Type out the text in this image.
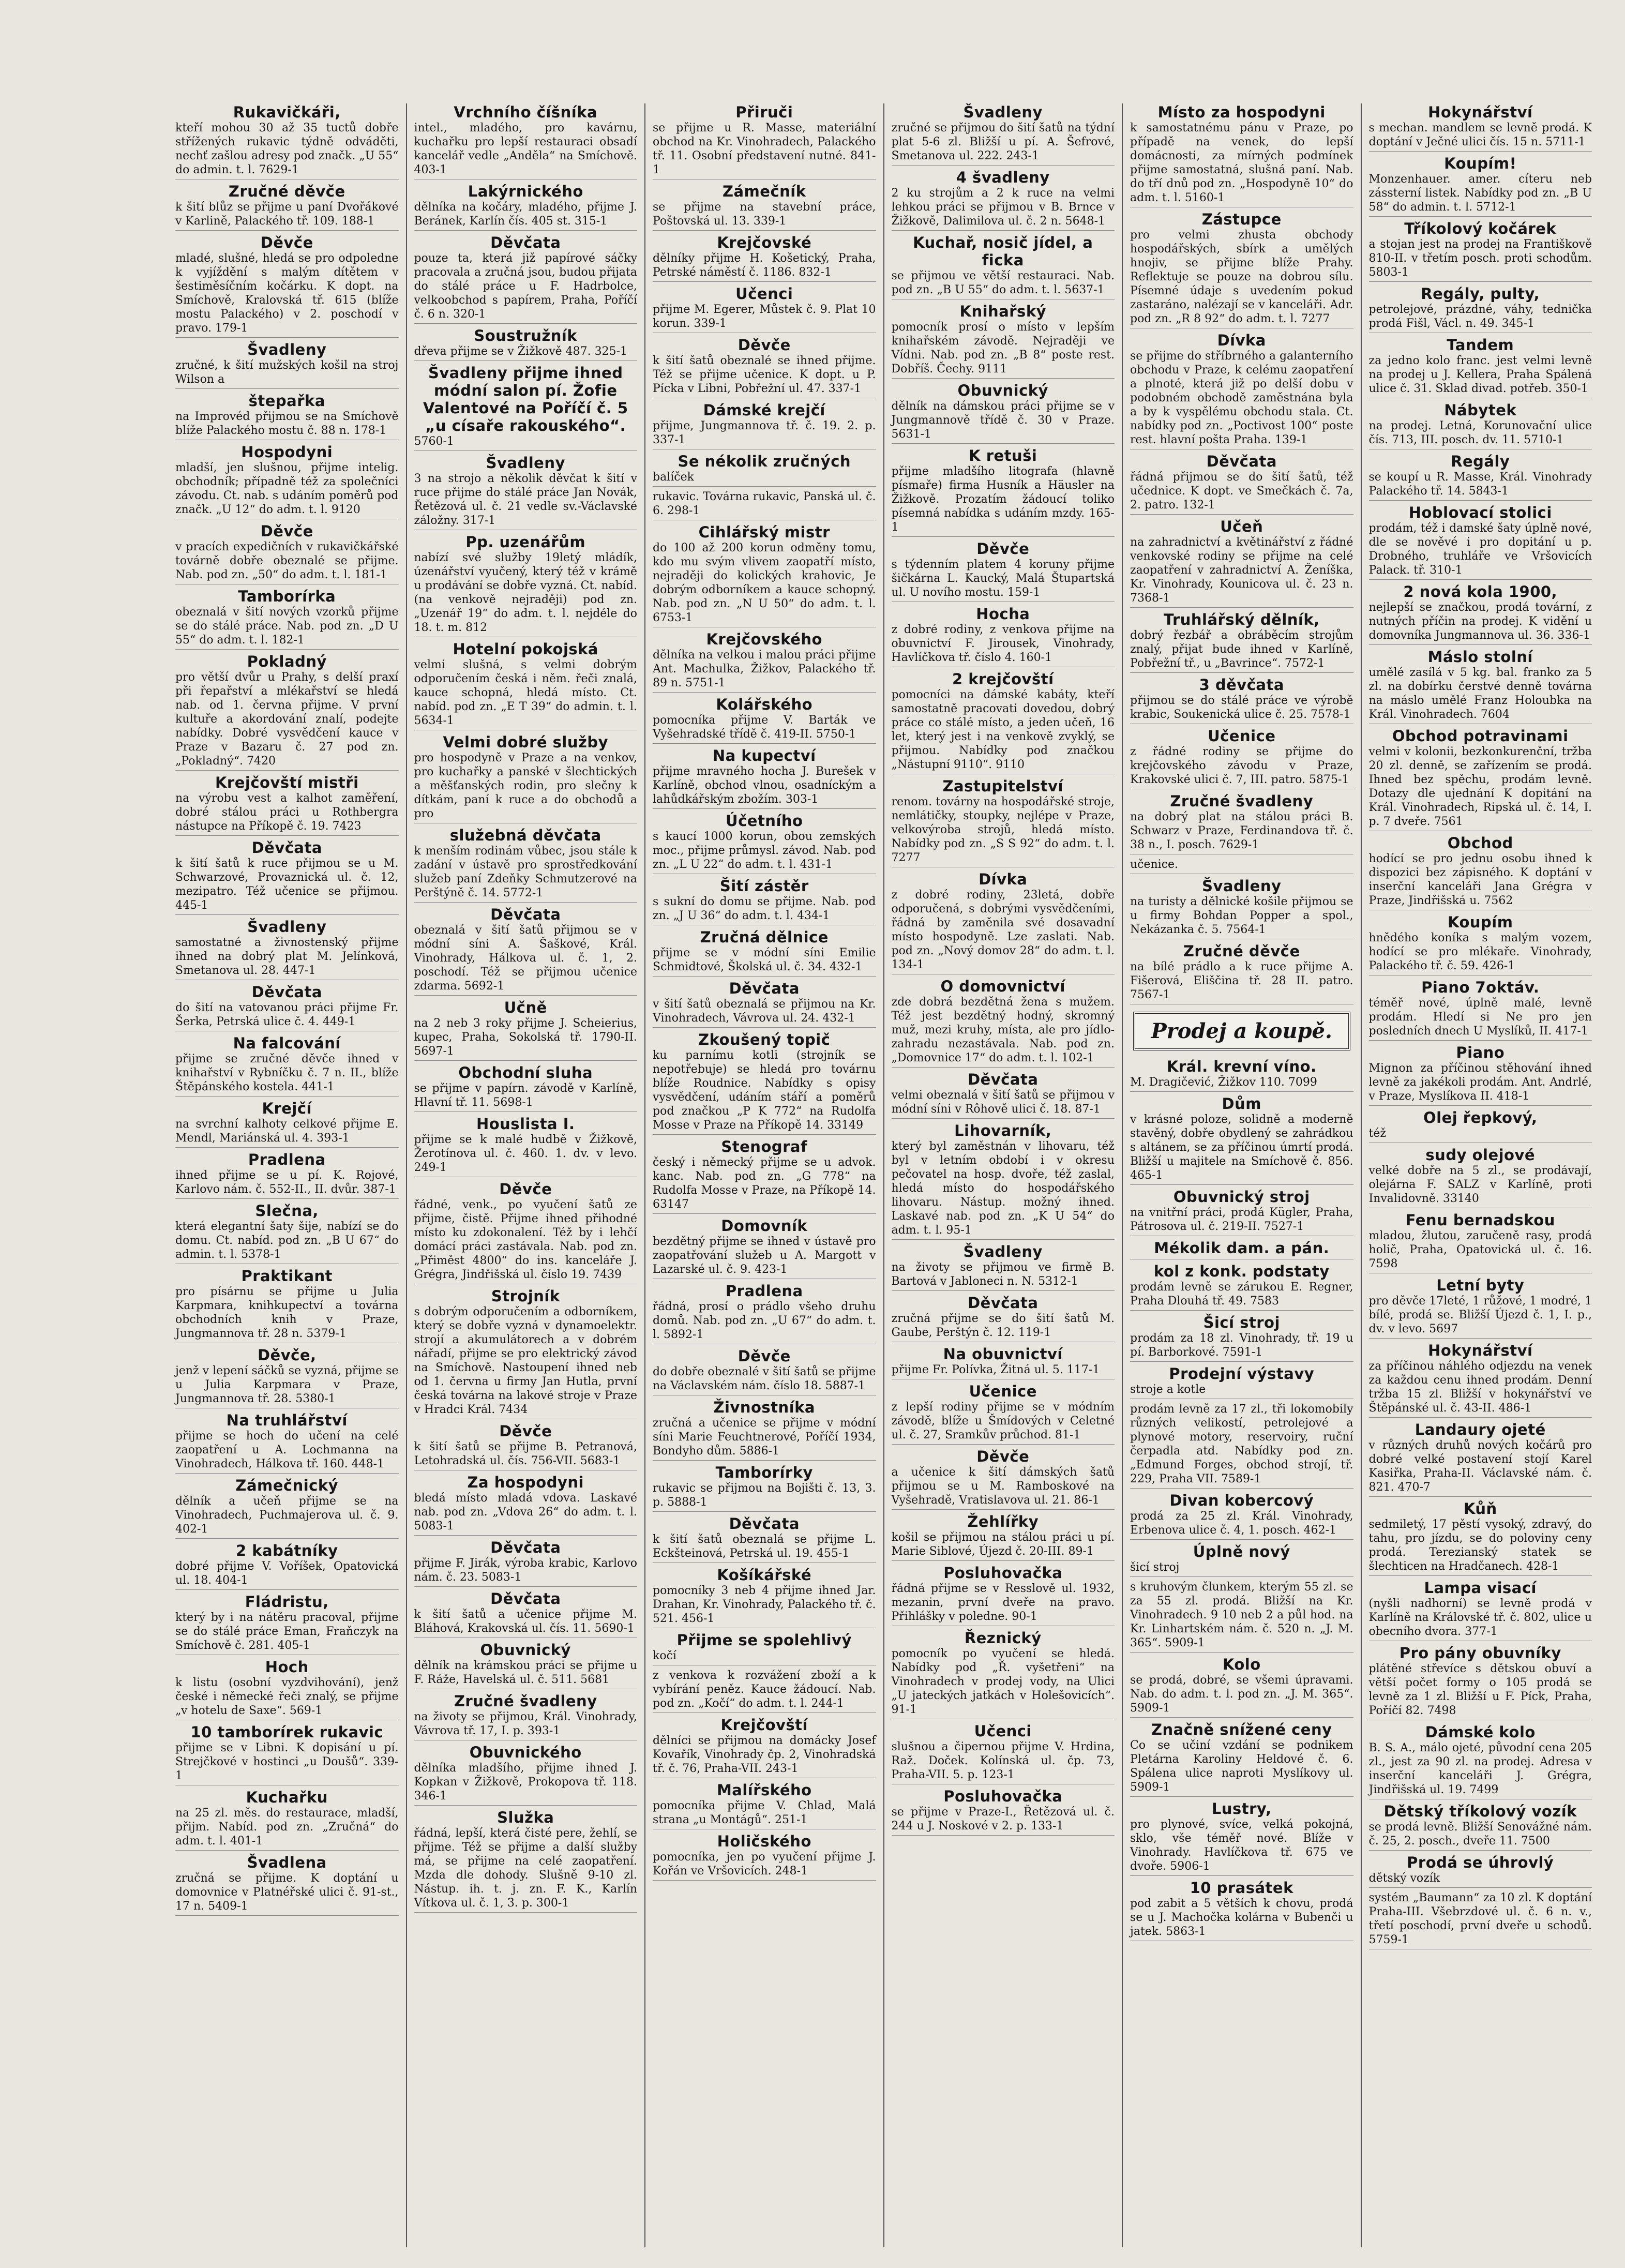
Rukavičkáři,

kteří mohou 30 až 35 tuctů dobře střížených rukavic týdně odváděti, nechť zašlou adresy pod značk. „U 55“ do admin. t. l. 7629-1

Zručné děvče

k šití blůz se přijme u paní Dvořákové v Karlině, Palackého tř. 109. 188-1

Děvče

mladé, slušné, hledá se pro odpoledne k vyjíždění s malým dítětem v šestiměsíčním kočárku. K dopt. na Smíchově, Kralovská tř. 615 (blíže mostu Palackého) v 2. poschodí v pravo. 179-1

Švadleny

zručné, k šití mužských košil na stroj Wilson a

štepařka

na Improvéd přijmou se na Smíchově blíže Palackého mostu č. 88 n. 178-1

Hospodyni

mladší, jen slušnou, přijme intelig. obchodník; případně též za společníci závodu. Ct. nab. s udáním poměrů pod značk. „U 12“ do adm. t. l. 9120

Děvče

v pracích expedičních v rukavičkářské továrně dobře obeznalé se přijme. Nab. pod zn. „50“ do adm. t. l. 181-1

Tamborírka

obeznalá v šití nových vzorků přijme se do stálé práce. Nab. pod zn. „D U 55“ do adm. t. l. 182-1

Pokladný

pro větší dvůr u Prahy, s delší praxí při řepařství a mlékařství se hledá nab. od 1. června přijme. V první kultuře a akordování znalí, podejte nabídky. Dobré vysvědčení kauce v Praze v Bazaru č. 27 pod zn. „Pokladný“. 7420

Krejčovští mistři

na výrobu vest a kalhot zaměření, dobré stálou práci u Rothbergra nástupce na Příkopě č. 19. 7423

Děvčata

k šití šatů k ruce přijmou se u M. Schwarzové, Provaznická ul. č. 12, mezipatro. Též učenice se přijmou. 445-1

Švadleny

samostatné a živnostenský přijme ihned na dobrý plat M. Jelínková, Smetanova ul. 28. 447-1

Děvčata

do šití na vatovanou práci přijme Fr. Šerka, Petrská ulice č. 4. 449-1

Na falcování

přijme se zručné děvče ihned v knihařství v Rybníčku č. 7 n. II., blíže Štěpánského kostela. 441-1

Krejčí

na svrchní kalhoty celkové přijme E. Mendl, Mariánská ul. 4. 393-1

Pradlena

ihned přijme se u pí. K. Rojové, Karlovo nám. č. 552-II., II. dvůr. 387-1

Slečna,

která elegantní šaty šije, nabízí se do domu. Ct. nabíd. pod zn. „B U 67“ do admin. t. l. 5378-1

Praktikant

pro písárnu se přijme u Julia Karpmara, knihkupectví a továrna obchodních knih v Praze, Jungmannova tř. 28 n. 5379-1

Děvče,

jenž v lepení sáčků se vyzná, přijme se u Julia Karpmara v Praze, Jungmannova tř. 28. 5380-1

Na truhlářství

přijme se hoch do učení na celé zaopatření u A. Lochmanna na Vinohradech, Hálkova tř. 160. 448-1

Zámečnický

dělník a učeň přijme se na Vinohradech, Puchmajerova ul. č. 9. 402-1

2 kabátníky

dobré přijme V. Voříšek, Opatovická ul. 18. 404-1

Fládristu,

který by i na nátěru pracoval, přijme se do stálé práce Eman, Fraňczyk na Smíchově č. 281. 405-1

Hoch

k listu (osobní vyzdvihování), jenž české i německé řeči znalý, se přijme „v hotelu de Saxe“. 569-1

10 tamborírek rukavic

přijme se v Libni. K dopisání u pí. Strejčkové v hostinci „u Doušů“. 339-1

Kuchařku

na 25 zl. měs. do restaurace, mladší, přijm. Nabíd. pod zn. „Zručná“ do adm. t. l. 401-1

Švadlena

zručná se přijme. K doptání u domovnice v Platnéřské ulici č. 91-st., 17 n. 5409-1

Vrchního číšníka

intel., mladého, pro kavárnu, kuchařku pro lepší restauraci obsadí kancelář vedle „Anděla“ na Smíchově. 403-1

Lakýrnického

dělníka na kočáry, mladého, přijme J. Beránek, Karlín čís. 405 st. 315-1

Děvčata

pouze ta, která již papírové sáčky pracovala a zručná jsou, budou přijata do stálé práce u F. Hadrbolce, velkoobchod s papírem, Praha, Poříčí č. 6 n. 320-1

Soustružník

dřeva přijme se v Žižkově 487. 325-1

Švadleny přijme ihned módní salon pí. Žofie Valentové na Poříčí č. 5 „u císaře rakouského“.

5760-1

Švadleny

3 na strojo a několik děvčat k šití v ruce přijme do stálé práce Jan Novák, Řetězová ul. č. 21 vedle sv.-Václavské záložny. 317-1

Pp. uzenářům

nabízí své služby 19letý mládík, úzenářství vyučený, který též v krámě u prodávání se dobře vyzná. Ct. nabíd. (na venkově nejraději) pod zn. „Uzenář 19“ do adm. t. l. nejdéle do 18. t. m. 812

Hotelní pokojská

velmi slušná, s velmi dobrým odporučením česká i něm. řeči znalá, kauce schopná, hledá místo. Ct. nabíd. pod zn. „E T 39“ do admin. t. l. 5634-1

Velmi dobré služby

pro hospodyně v Praze a na venkov, pro kuchařky a panské v šlechtických a měšťanských rodin, pro slečny k dítkám, paní k ruce a do obchodů a pro

služebná děvčata

k menším rodinám vůbec, jsou stále k zadání v ústavě pro sprostředkování služeb paní Zdeňky Schmutzerové na Perštýně č. 14. 5772-1

Děvčata

obeznalá v šití šatů přijmou se v módní síni A. Šaškové, Král. Vinohrady, Hálkova ul. č. 1, 2. poschodí. Též se přijmou učenice zdarma. 5692-1

Učně

na 2 neb 3 roky přijme J. Scheierius, kupec, Praha, Sokolská tř. 1790-II. 5697-1

Obchodní sluha

se přijme v papírn. závodě v Karlíně, Hlavní tř. 11. 5698-1

Houslista I.

přijme se k malé hudbě v Žižkově, Žerotínova ul. č. 460. 1. dv. v levo. 249-1

Děvče

řádné, venk., po vyučení šatů ze přijme, čistě. Přijme ihned přihodné místo ku zdokonalení. Též by i lehčí domácí práci zastávala. Nab. pod zn. „Přiměst 4800“ do ins. kanceláře J. Grégra, Jindřišská ul. číslo 19. 7439

Strojník

s dobrým odporučením a odborníkem, který se dobře vyzná v dynamoelektr. strojí a akumulátorech a v dobrém nářadí, přijme se pro elektrický závod na Smíchově. Nastoupení ihned neb od 1. června u firmy Jan Hutla, první česká továrna na lakové stroje v Praze v Hradci Král. 7434

Děvče

k šití šatů se přijme B. Petranová, Letohradská ul. čís. 756-VII. 5683-1

Za hospodyni

bledá místo mladá vdova. Laskavé nab. pod zn. „Vdova 26“ do adm. t. l. 5083-1

Děvčata

přijme F. Jirák, výroba krabic, Karlovo nám. č. 23. 5083-1

Děvčata

k šití šatů a učenice přijme M. Bláhová, Krakovská ul. čís. 11. 5690-1

Obuvnický

dělník na krámskou práci se přijme u F. Ráže, Havelská ul. č. 511. 5681

Zručné švadleny

na životy se přijmou, Král. Vinohrady, Vávrova tř. 17, I. p. 393-1

Obuvnického

dělníka mladšího, přijme ihned J. Kopkan v Žižkově, Prokopova tř. 118. 346-1

Služka

řádná, lepší, která čisté pere, žehlí, se přijme. Též se přijme a další služby má, se přijme na celé zaopatření. Mzda dle dohody. Slušně 9-10 zl. Nástup. ih. t. j. zn. F. K., Karlín Vítkova ul. č. 1, 3. p. 300-1

Přiruči

se přijme u R. Masse, materiální obchod na Kr. Vinohradech, Palackého tř. 11. Osobní představení nutné. 841-1

Zámečník

se přijme na stavební práce, Poštovská ul. 13. 339-1

Krejčovské

dělníky přijme H. Košetický, Praha, Petrské náměstí č. 1186. 832-1

Učenci

přijme M. Egerer, Můstek č. 9. Plat 10 korun. 339-1

Děvče

k šití šatů obeznalé se ihned přijme. Též se přijme učenice. K dopt. u P. Pícka v Libni, Pobřežní ul. 47. 337-1

Dámské krejčí

přijme, Jungmannova tř. č. 19. 2. p. 337-1

Se nékolik zručných

balíček

rukavic. Továrna rukavic, Panská ul. č. 6. 298-1

Cihlářský mistr

do 100 až 200 korun odměny tomu, kdo mu svým vlivem zaopatří místo, nejraději do kolických krahovic, Je dobrým odborníkem a kauce schopný. Nab. pod zn. „N U 50“ do adm. t. l. 6753-1

Krejčovského

dělníka na velkou i malou práci přijme Ant. Machulka, Žižkov, Palackého tř. 89 n. 5751-1

Kolářského

pomocníka přijme V. Barták ve Vyšehradské třídě č. 419-II. 5750-1

Na kupectví

přijme mravného hocha J. Burešek v Karlíně, obchod vlnou, osadníckým a lahůdkářským zbožím. 303-1

Účetního

s kaucí 1000 korun, obou zemských moc., přijme průmysl. závod. Nab. pod zn. „L U 22“ do adm. t. l. 431-1

Šití zástěr

s sukní do domu se přijme. Nab. pod zn. „J U 36“ do adm. t. l. 434-1

Zručná dělnice

přijme se v módní síni Emilie Schmidtové, Školská ul. č. 34. 432-1

Děvčata

v šití šatů obeznalá se přijmou na Kr. Vinohradech, Vávrova ul. 24. 432-1

Zkoušený topič

ku parnímu kotli (strojník se nepotřebuje) se hledá pro továrnu blíže Roudnice. Nabídky s opisy vysvědčení, udáním stáří a poměrů pod značkou „P K 772“ na Rudolfa Mosse v Praze na Příkopě 14. 33149

Stenograf

český i německý přijme se u advok. kanc. Nab. pod zn. „G 778“ na Rudolfa Mosse v Praze, na Příkopě 14. 63147

Domovník

bezdětný přijme se ihned v ústavě pro zaopatřování služeb u A. Margott v Lazarské ul. č. 9. 423-1

Pradlena

řádná, prosí o prádlo všeho druhu domů. Nab. pod zn. „U 67“ do adm. t. l. 5892-1

Děvče

do dobře obeznalé v šití šatů se přijme na Václavském nám. číslo 18. 5887-1

Živnostníka

zručná a učenice se přijme v módní síni Marie Feuchtnerové, Poříčí 1934, Bondyho dům. 5886-1

Tamborírky

rukavic se přijmou na Bojišti č. 13, 3. p. 5888-1

Děvčata

k šití šatů obeznalá se přijme L. Eckšteinová, Petrská ul. 19. 455-1

Košíkářské

pomocníky 3 neb 4 přijme ihned Jar. Drahan, Kr. Vinohrady, Palackého tř. č. 521. 456-1

Přijme se spolehlivý

kočí

z venkova k rozvážení zboží a k vybírání peněz. Kauce žádoucí. Nab. pod zn. „Kočí“ do adm. t. l. 244-1

Krejčovští

dělníci se přijmou na domácky Josef Kovařík, Vinohrady čp. 2, Vinohradská tř. č. 76, Praha-VII. 243-1

Malířského

pomocníka přijme V. Chlad, Malá strana „u Montágů“. 251-1

Holičského

pomocníka, jen po vyučení přijme J. Kořán ve Vršovicích. 248-1

Švadleny

zručné se přijmou do šití šatů na týdní plat 5-6 zl. Bližší u pí. A. Šefrové, Smetanova ul. 222. 243-1

4 švadleny

2 ku strojům a 2 k ruce na velmi lehkou práci se přijmou v B. Brnce v Žižkově, Dalimilova ul. č. 2 n. 5648-1

Kuchař, nosič jídel, a ficka

se přijmou ve větší restauraci. Nab. pod zn. „B U 55“ do adm. t. l. 5637-1

Knihařský

pomocník prosí o místo v lepším knihařském závodě. Nejraději ve Vídni. Nab. pod zn. „B 8“ poste rest. Dobříš. Čechy. 9111

Obuvnický

dělník na dámskou práci přijme se v Jungmannově třídě č. 30 v Praze. 5631-1

K retuši

přijme mladšího litografa (hlavně písmaře) firma Husník a Häusler na Žižkově. Prozatím žádoucí toliko písemná nabídka s udáním mzdy. 165-1

Děvče

s týdenním platem 4 koruny přijme šičkárna L. Kaucký, Malá Štupartská ul. U novího mostu. 159-1

Hocha

z dobré rodiny, z venkova přijme na obuvnictví F. Jirousek, Vinohrady, Havlíčkova tř. číslo 4. 160-1

2 krejčovští

pomocníci na dámské kabáty, kteří samostatně pracovati dovedou, dobrý práce co stálé místo, a jeden učeň, 16 let, který jest i na venkově zvyklý, se přijmou. Nabídky pod značkou „Nástupní 9110“. 9110

Zastupitelství

renom. továrny na hospodářské stroje, nemlátičky, stoupky, nejlépe v Praze, velkovýroba strojů, hledá místo. Nabídky pod zn. „S S 92“ do adm. t. l. 7277

Dívka

z dobré rodiny, 23letá, dobře odporučená, s dobrými vysvědčeními, řádná by zaměnila své dosavadní místo hospodyně. Lze zaslati. Nab. pod zn. „Nový domov 28“ do adm. t. l. 134-1

O domovnictví

zde dobrá bezdětná žena s mužem. Též jest bezdětný hodný, skromný muž, mezi kruhy, místa, ale pro jídlo-zahradu nezastávala. Nab. pod zn. „Domovnice 17“ do adm. t. l. 102-1

Děvčata

velmi obeznalá v šití šatů se přijmou v módní síni v Rôhově ulici č. 18. 87-1

Lihovarník,

který byl zaměstnán v lihovaru, též byl v letním období i v okresu pečovatel na hosp. dvoře, též zaslal, hledá místo do hospodářského lihovaru. Nástup. možný ihned. Laskavé nab. pod zn. „K U 54“ do adm. t. l. 95-1

Švadleny

na životy se přijmou ve firmě B. Bartová v Jabloneci n. N. 5312-1

Děvčata

zručná přijme se do šití šatů M. Gaube, Perštýn č. 12. 119-1

Na obuvnictví

přijme Fr. Polívka, Žitná ul. 5. 117-1

Učenice

z lepší rodiny přijme se v módním závodě, blíže u Šmídových v Celetné ul. č. 27, Sramkův průchod. 81-1

Děvče

a učenice k šití dámských šatů přijmou se u M. Ramboskové na Vyšehradě, Vratislavova ul. 21. 86-1

Žehlířky

košil se přijmou na stálou práci u pí. Marie Siblové, Újezd č. 20-III. 89-1

Posluhovačka

řádná přijme se v Resslově ul. 1932, mezanin, první dveře na pravo. Přihlášky v poledne. 90-1

Řeznický

pomocník po vyučení se hledá. Nabídky pod „Ř. vyšetřeni“ na Vinohradech v prodej vody, na Ulici „U jateckých jatkách v Holešovicích“. 91-1

Učenci

slušnou a čipernou přijme V. Hrdina, Raž. Doček. Kolínská ul. čp. 73, Praha-VII. 5. p. 123-1

Posluhovačka

se přijme v Praze-I., Řetězová ul. č. 244 u J. Noskové v 2. p. 133-1

Místo za hospodyni

k samostatnému pánu v Praze, po případě na venek, do lepší domácnosti, za mírných podmínek přijme samostatná, slušná paní. Nab. do tří dnů pod zn. „Hospodyně 10“ do adm. t. l. 5160-1

Zástupce

pro velmi zhusta obchody hospodářských, sbírk a umělých hnojiv, se přijme blíže Prahy. Reflektuje se pouze na dobrou sílu. Písemné údaje s uvedením pokud zastaráno, nalézají se v kanceláři. Adr. pod zn. „R 8 92“ do adm. t. l. 7277

Dívka

se přijme do stříbrného a galanterního obchodu v Praze, k celému zaopatření a plnoté, která již po delší dobu v podobném obchodě zaměstnána byla a by k vyspělému obchodu stala. Ct. nabídky pod zn. „Poctivost 100“ poste rest. hlavní pošta Praha. 139-1

Děvčata

řádná přijmou se do šití šatů, též učednice. K dopt. ve Smečkách č. 7a, 2. patro. 132-1

Učeň

na zahradnictví a květinářství z řádné venkovské rodiny se přijme na celé zaopatření v zahradnictví A. Ženíška, Kr. Vinohrady, Kounicova ul. č. 23 n. 7368-1

Truhlářský dělník,

dobrý řezbář a obráběcím strojům znalý, přijat bude ihned v Karlíně, Pobřežní tř., u „Bavrince“. 7572-1

3 děvčata

přijmou se do stálé práce ve výrobě krabic, Soukenická ulice č. 25. 7578-1

Učenice

z řádné rodiny se přijme do krejčovského závodu v Praze, Krakovské ulici č. 7, III. patro. 5875-1

Zručné švadleny

na dobrý plat na stálou práci B. Schwarz v Praze, Ferdinandova tř. č. 38 n., I. posch. 7629-1

učenice.

Švadleny

na turisty a dělnické košile přijmou se u firmy Bohdan Popper a spol., Nekázanka č. 5. 7564-1

Zručné děvče

na bílé prádlo a k ruce přijme A. Fišerová, Eliščina tř. 28 II. patro. 7567-1

Prodej a koupě.
Král. krevní víno.

M. Dragičević, Žižkov 110. 7099

Dům

v krásné poloze, solidně a moderně stavěný, dobře obydlený se zahrádkou s altánem, se za příčinou úmrtí prodá. Bližší u majitele na Smíchově č. 856. 465-1

Obuvnický stroj

na vnitřní práci, prodá Kügler, Praha, Pátrosova ul. č. 219-II. 7527-1

Mékolik dam. a pán.
kol z konk. podstaty

prodám levně se zárukou E. Regner, Praha Dlouhá tř. 49. 7583

Šicí stroj

prodám za 18 zl. Vinohrady, tř. 19 u pí. Barborkové. 7591-1

Prodejní výstavy

stroje a kotle

prodám levně za 17 zl., tři lokomobily různých velikostí, petrolejové a plynové motory, reservoiry, ruční čerpadla atd. Nabídky pod zn. „Edmund Forges, obchod strojí, tř. 229, Praha VII. 7589-1

Divan kobercový

prodá za 25 zl. Král. Vinohrady, Erbenova ulice č. 4, 1. posch. 462-1

Úplně nový

šicí stroj

s kruhovým člunkem, kterým 55 zl. se za 55 zl. prodá. Bližší na Kr. Vinohradech. 9 10 neb 2 a půl hod. na Kr. Linhartském nám. č. 520 n. „J. M. 365“. 5909-1

Kolo

se prodá, dobré, se všemi úpravami. Nab. do adm. t. l. pod zn. „J. M. 365“. 5909-1

Značně snížené ceny

Co se učiní vzdání se podnikem Pletárna Karoliny Heldové č. 6. Spálena ulice naproti Myslíkovy ul. 5909-1

Lustry,

pro plynové, svíce, velká pokojná, sklo, vše téměř nové. Blíže v Vinohrady. Havlíčkova tř. 675 ve dvoře. 5906-1

10 prasátek

pod zabit a 5 větších k chovu, prodá se u J. Machočka kolárna v Bubenči u jatek. 5863-1

Hokynářství

s mechan. mandlem se levně prodá. K doptání v Ječné ulici čís. 15 n. 5711-1

Koupím!

Monzenhauer. amer. cíteru neb zássterní listek. Nabídky pod zn. „B U 58“ do admin. t. l. 5712-1

Tříkolový kočárek

a stojan jest na prodej na Františkově 810-II. v třetím posch. proti schodům. 5803-1

Regály, pulty,

petrolejové, prázdné, váhy, tednička prodá Fišl, Václ. n. 49. 345-1

Tandem

za jedno kolo franc. jest velmi levně na prodej u J. Kellera, Praha Spálená ulice č. 31. Sklad divad. potřeb. 350-1

Nábytek

na prodej. Letná, Korunovační ulice čís. 713, III. posch. dv. 11. 5710-1

Regály

se koupí u R. Masse, Král. Vinohrady Palackého tř. 14. 5843-1

Hoblovací stolici

prodám, též i damské šaty úplně nové, dle se nověvé i pro dopitání u p. Drobného, truhláře ve Vršovicích Palack. tř. 310-1

2 nová kola 1900,

nejlepší se značkou, prodá tovární, z nutných příčin na prodej. K vidění u domovníka Jungmannova ul. 36. 336-1

Máslo stolní

umělé zasílá v 5 kg. bal. franko za 5 zl. na dobírku čerstvé denně továrna na máslo umělé Franz Holoubka na Král. Vinohradech. 7604

Obchod potravinami

velmi v kolonii, bezkonkurenční, tržba 20 zl. denně, se zařízením se prodá. Ihned bez spěchu, prodám levně. Dotazy dle ujednání K dopitání na Král. Vinohradech, Ripská ul. č. 14, I. p. 7 dveře. 7561

Obchod

hodící se pro jednu osobu ihned k dispozici bez zápisného. K doptání v inserční kanceláři Jana Grégra v Praze, Jindřišská u. 7562

Koupím

hnědého koníka s malým vozem, hodící se pro mlékaře. Vinohrady, Palackého tř. č. 59. 426-1

Piano 7oktáv.

téměř nové, úplně malé, levně prodám. Hledí si Ne pro jen posledních dnech U Myslíků, II. 417-1

Piano

Mignon za příčinou stěhování ihned levně za jakékoli prodám. Ant. Andrlé, v Praze, Myslíkova II. 418-1

Olej řepkový,

též

sudy olejové

velké dobře na 5 zl., se prodávají, olejárna F. SALZ v Karlíně, proti Invalidovně. 33140

Fenu bernadskou

mladou, žlutou, zaručeně rasy, prodá holič, Praha, Opatovická ul. č. 16. 7598

Letní byty

pro děvče 17leté, 1 růžové, 1 modré, 1 bílé, prodá se. Bližší Újezd č. 1, I. p., dv. v levo. 5697

Hokynářství

za příčinou náhlého odjezdu na venek za každou cenu ihned prodám. Denní tržba 15 zl. Bližší v hokynářství ve Štěpánské ul. č. 43-II. 486-1

Landaury ojeté

v různých druhů nových kočárů pro dobré velké postavení stojí Karel Kasiřka, Praha-II. Václavské nám. č. 821. 470-7

Kůň

sedmiletý, 17 pěstí vysoký, zdravý, do tahu, pro jízdu, se do poloviny ceny prodá. Terezianský statek se šlechticen na Hradčanech. 428-1

Lampa visací

(nyšli nadhorní) se levně prodá v Karlíně na Královské tř. č. 802, ulice u obecního dvora. 377-1

Pro pány obuvníky

plátěné střevíce s dětskou obuví a větší počet formy o 105 prodá se levně za 1 zl. Bližší u F. Píck, Praha, Poříčí 82. 7498

Dámské kolo

B. S. A., málo ojeté, původní cena 205 zl., jest za 90 zl. na prodej. Adresa v inserční kanceláři J. Grégra, Jindřišská ul. 19. 7499

Dětský tříkolový vozík

se prodá levně. Bližší Senovážné nám. č. 25, 2. posch., dveře 11. 7500

Prodá se úhrovlý

dětský vozík

systém „Baumann“ za 10 zl. K doptání Praha-III. Všebrzdové ul. č. 6 n. v., třetí poschodí, první dveře u schodů. 5759-1
